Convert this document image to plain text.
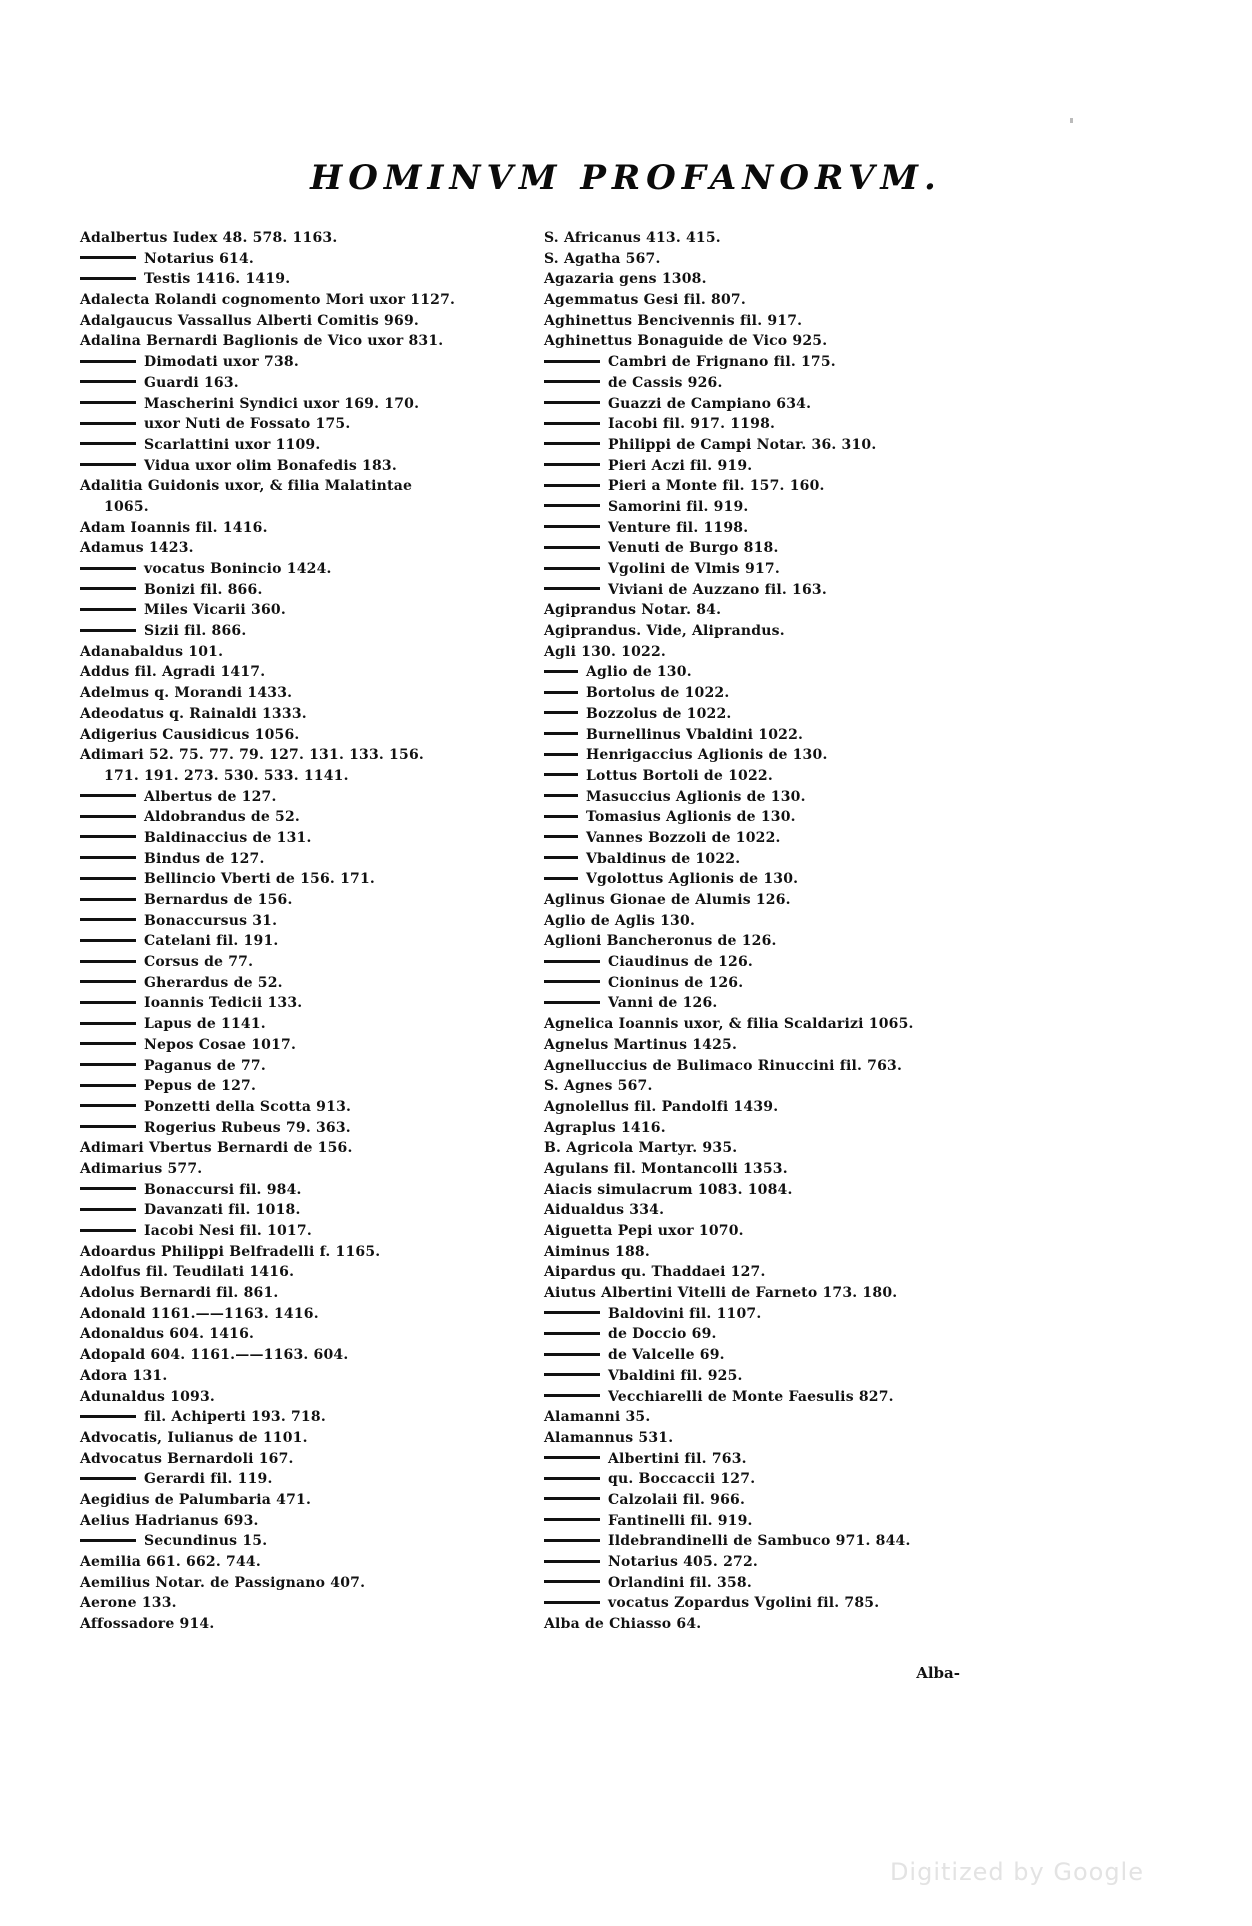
HOMINVM PROFANORVM.
Adalbertus Iudex 48. 578. 1163.
Notarius 614.
Testis 1416. 1419.
Adalecta Rolandi cognomento Mori uxor 1127.
Adalgaucus Vassallus Alberti Comitis 969.
Adalina Bernardi Baglionis de Vico uxor 831.
Dimodati uxor 738.
Guardi 163.
Mascherini Syndici uxor 169. 170.
uxor Nuti de Fossato 175.
Scarlattini uxor 1109.
Vidua uxor olim Bonafedis 183.
Adalitia Guidonis uxor, & filia Malatintae
1065.
Adam Ioannis fil. 1416.
Adamus 1423.
vocatus Bonincio 1424.
Bonizi fil. 866.
Miles Vicarii 360.
Sizii fil. 866.
Adanabaldus 101.
Addus fil. Agradi 1417.
Adelmus q. Morandi 1433.
Adeodatus q. Rainaldi 1333.
Adigerius Causidicus 1056.
Adimari 52. 75. 77. 79. 127. 131. 133. 156.
171. 191. 273. 530. 533. 1141.
Albertus de 127.
Aldobrandus de 52.
Baldinaccius de 131.
Bindus de 127.
Bellincio Vberti de 156. 171.
Bernardus de 156.
Bonaccursus 31.
Catelani fil. 191.
Corsus de 77.
Gherardus de 52.
Ioannis Tedicii 133.
Lapus de 1141.
Nepos Cosae 1017.
Paganus de 77.
Pepus de 127.
Ponzetti della Scotta 913.
Rogerius Rubeus 79. 363.
Adimari Vbertus Bernardi de 156.
Adimarius 577.
Bonaccursi fil. 984.
Davanzati fil. 1018.
Iacobi Nesi fil. 1017.
Adoardus Philippi Belfradelli f. 1165.
Adolfus fil. Teudilati 1416.
Adolus Bernardi fil. 861.
Adonald 1161.——1163. 1416.
Adonaldus 604. 1416.
Adopald 604. 1161.——1163. 604.
Adora 131.
Adunaldus 1093.
fil. Achiperti 193. 718.
Advocatis, Iulianus de 1101.
Advocatus Bernardoli 167.
Gerardi fil. 119.
Aegidius de Palumbaria 471.
Aelius Hadrianus 693.
Secundinus 15.
Aemilia 661. 662. 744.
Aemilius Notar. de Passignano 407.
Aerone 133.
Affossadore 914.
S. Africanus 413. 415.
S. Agatha 567.
Agazaria gens 1308.
Agemmatus Gesi fil. 807.
Aghinettus Bencivennis fil. 917.
Aghinettus Bonaguide de Vico 925.
Cambri de Frignano fil. 175.
de Cassis 926.
Guazzi de Campiano 634.
Iacobi fil. 917. 1198.
Philippi de Campi Notar. 36. 310.
Pieri Aczi fil. 919.
Pieri a Monte fil. 157. 160.
Samorini fil. 919.
Venture fil. 1198.
Venuti de Burgo 818.
Vgolini de Vlmis 917.
Viviani de Auzzano fil. 163.
Agiprandus Notar. 84.
Agiprandus. Vide, Aliprandus.
Agli 130. 1022.
Aglio de 130.
Bortolus de 1022.
Bozzolus de 1022.
Burnellinus Vbaldini 1022.
Henrigaccius Aglionis de 130.
Lottus Bortoli de 1022.
Masuccius Aglionis de 130.
Tomasius Aglionis de 130.
Vannes Bozzoli de 1022.
Vbaldinus de 1022.
Vgolottus Aglionis de 130.
Aglinus Gionae de Alumis 126.
Aglio de Aglis 130.
Aglioni Bancheronus de 126.
Ciaudinus de 126.
Cioninus de 126.
Vanni de 126.
Agnelica Ioannis uxor, & filia Scaldarizi 1065.
Agnelus Martinus 1425.
Agnelluccius de Bulimaco Rinuccini fil. 763.
S. Agnes 567.
Agnolellus fil. Pandolfi 1439.
Agraplus 1416.
B. Agricola Martyr. 935.
Agulans fil. Montancolli 1353.
Aiacis simulacrum 1083. 1084.
Aidualdus 334.
Aiguetta Pepi uxor 1070.
Aiminus 188.
Aipardus qu. Thaddaei 127.
Aiutus Albertini Vitelli de Farneto 173. 180.
Baldovini fil. 1107.
de Doccio 69.
de Valcelle 69.
Vbaldini fil. 925.
Vecchiarelli de Monte Faesulis 827.
Alamanni 35.
Alamannus 531.
Albertini fil. 763.
qu. Boccaccii 127.
Calzolaii fil. 966.
Fantinelli fil. 919.
Ildebrandinelli de Sambuco 971. 844.
Notarius 405. 272.
Orlandini fil. 358.
vocatus Zopardus Vgolini fil. 785.
Alba de Chiasso 64.
Alba-
Digitized by Google
